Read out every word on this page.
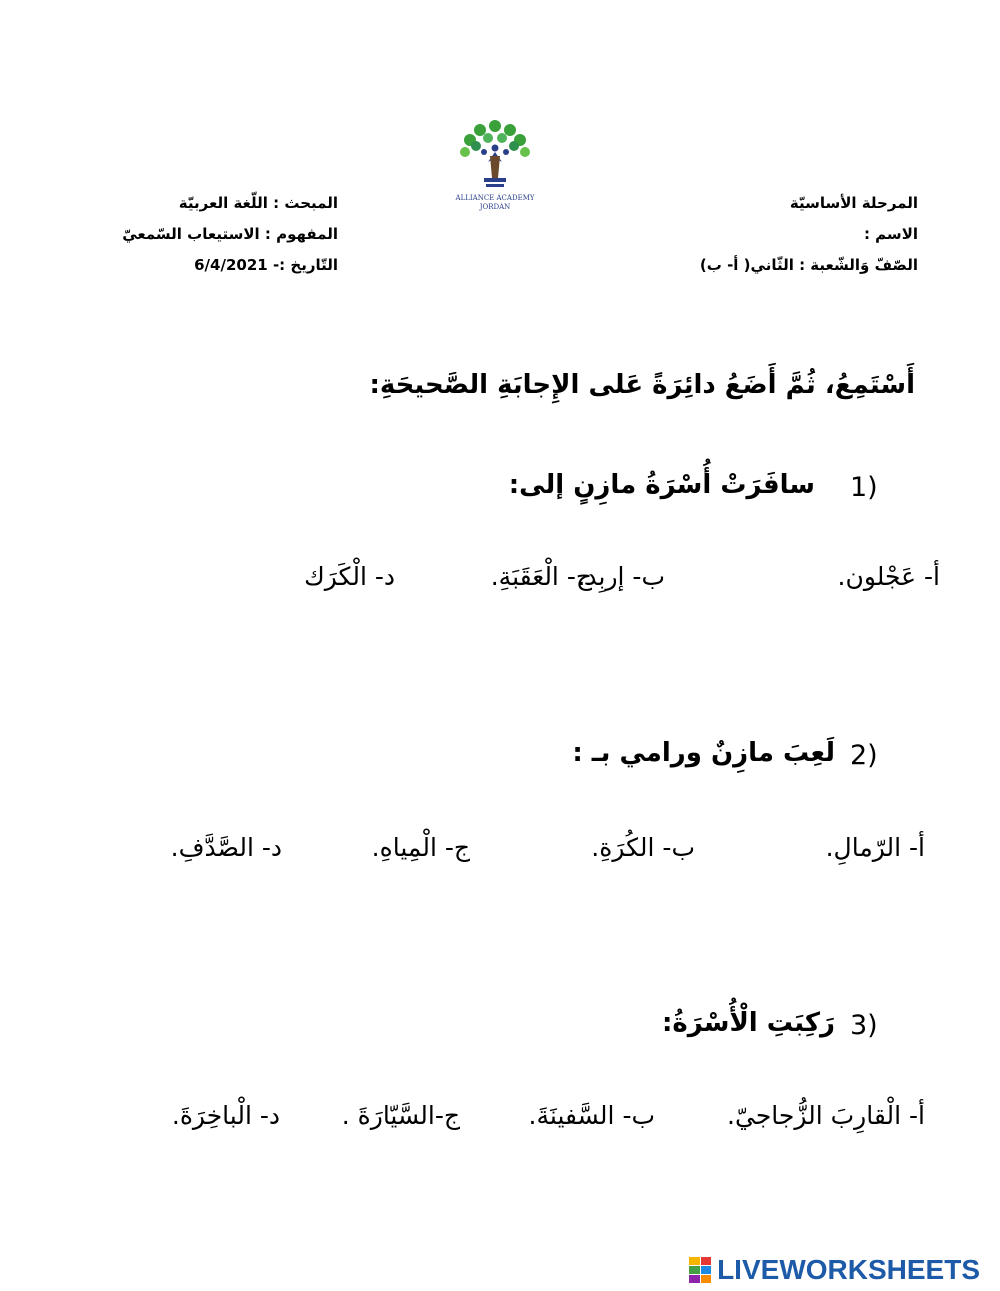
ALLIANCE ACADEMY
JORDAN	المرحلة الأساسيّة
الاسم :
الصّفّ وَالشّعبة : الثّاني( أ- ب)
المبحث : اللّغة العربيّة
المفهوم : الاستيعاب السّمعيّ
التّاريخ :- 6/4/2021
أَسْتَمِعُ، ثُمَّ أَضَعُ دائِرَةً عَلى الإِجابَةِ الصَّحيحَةِ:
1)
سافَرَتْ أُسْرَةُ مازِنٍ إلى:
أ- عَجْلون.
ب- إربِد.
ج- الْعَقَبَةِ.
د- الْكَرَك
2)
لَعِبَ مازِنٌ ورامي بـ :
أ- الرّمالِ.
ب- الكُرَةِ.
ج- الْمِياهِ.
د- الصَّدَّفِ.
3)
رَكِبَتِ الْأُسْرَةُ:
أ- الْقارِبَ الزُّجاجيّ.
ب- السَّفينَةَ.
ج-السَّيّارَةَ .
د- الْباخِرَةَ.
LIVEWORKSHEETS
